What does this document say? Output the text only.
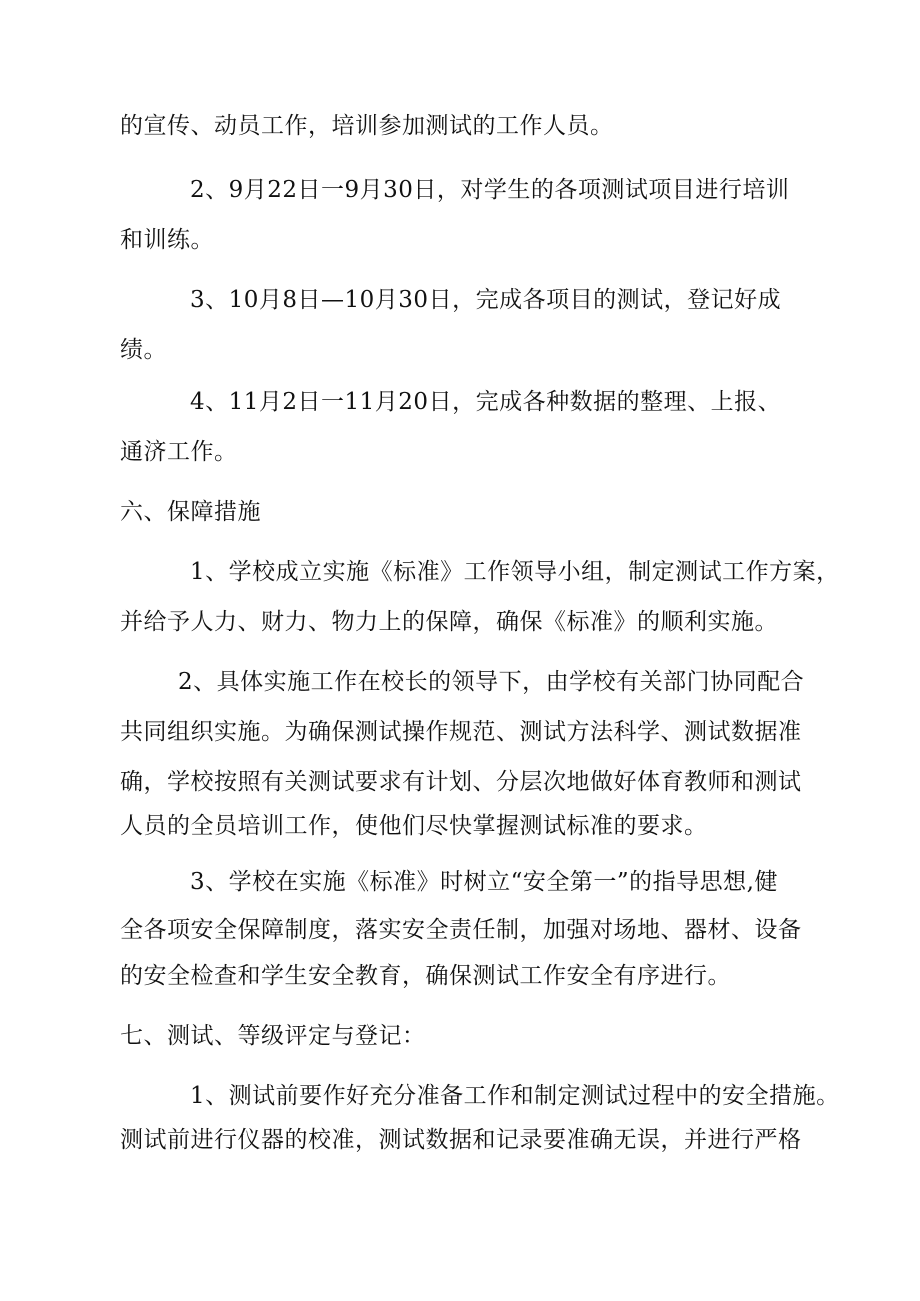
的宣传、动员工作，培训参加测试的工作人员。
2、9月22日一9月30日，对学生的各项测试项目进行培训
和训练。
3、10月8日—10月30日，完成各项目的测试，登记好成
绩。
4、11月2日一11月20日，完成各种数据的整理、上报、
通济工作。
六、保障措施
1、学校成立实施《标准》工作领导小组，制定测试工作方案，
并给予人力、财力、物力上的保障，确保《标准》的顺利实施。
2、具体实施工作在校长的领导下，由学校有关部门协同配合
共同组织实施。为确保测试操作规范、测试方法科学、测试数据准
确，学校按照有关测试要求有计划、分层次地做好体育教师和测试
人员的全员培训工作，使他们尽快掌握测试标准的要求。
3、学校在实施《标准》时树立“安全第一”的指导思想,健
全各项安全保障制度，落实安全责任制，加强对场地、器材、设备
的安全检查和学生安全教育，确保测试工作安全有序进行。
七、测试、等级评定与登记：
1、测试前要作好充分准备工作和制定测试过程中的安全措施。
测试前进行仪器的校准，测试数据和记录要准确无误，并进行严格
